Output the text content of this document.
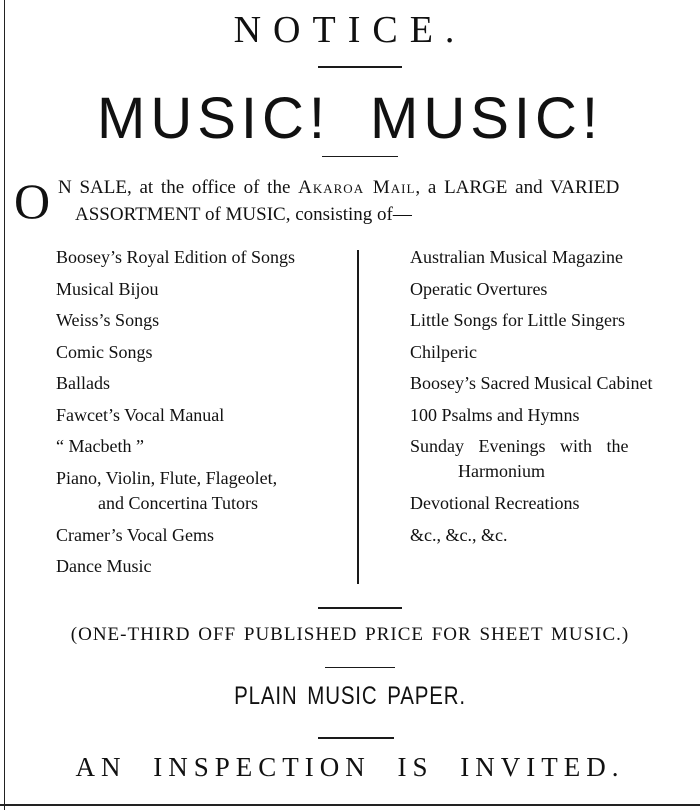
NOTICE.
MUSIC! MUSIC!
O N SALE, at the office of the Akaroa Mail, a LARGE and VARIED
ASSORTMENT of MUSIC, consisting of—
Boosey’s Royal Edition of Songs
Musical Bijou
Weiss’s Songs
Comic Songs
Ballads
Fawcet’s Vocal Manual
“ Macbeth ”
Piano, Violin, Flute, Flageolet,
and Concertina Tutors
Cramer’s Vocal Gems
Dance Music
Australian Musical Magazine
Operatic Overtures
Little Songs for Little Singers
Chilperic
Boosey’s Sacred Musical Cabinet
100 Psalms and Hymns
Sunday Evenings with the
Harmonium
Devotional Recreations
&c., &c., &c.
(ONE-THIRD OFF PUBLISHED PRICE FOR SHEET MUSIC.)
PLAIN MUSIC PAPER.
AN INSPECTION IS INVITED.
